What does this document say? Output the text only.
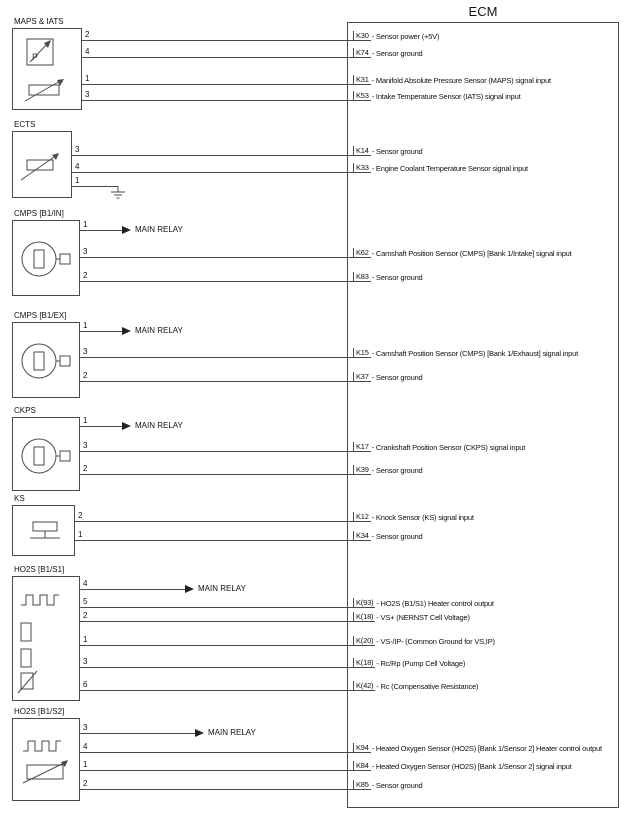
ECM
MAPS & IATS
P
2	K30 - Sensor power (+5V)
4	K74 - Sensor ground
1	K31 - Manifold Absolute Pressure Sensor (MAPS) signal input
3	K53 - Intake Temperature Sensor (IATS) signal input
ECTS
3	K14 - Sensor ground
4	K33 - Engine Coolant Temperature Sensor signal input
1
CMPS [B1/IN]
1
MAIN RELAY
3	K62 - Camshaft Position Sensor (CMPS) [Bank 1/Intake] signal input
2	K83 - Sensor ground
CMPS [B1/EX]
1
MAIN RELAY
3	K15 - Camshaft Position Sensor (CMPS) [Bank 1/Exhaust] signal input
2	K37 - Sensor ground
CKPS
1
MAIN RELAY
3	K17 - Crankshaft Position Sensor (CKPS) signal input
2	K39 - Sensor ground
KS
2	K12 - Knock Sensor (KS) signal input
1	K34 - Sensor ground
HO2S [B1/S1]
4
MAIN RELAY
5	K(93) - HO2S (B1/S1) Heater control output
2	K(18) - VS+ (NERNST Cell Voltage)
1	K(20) - VS-/IP- (Common Ground for VS,IP)
3	K(18) - Rc/Rp (Pump Cell Voltage)
6	K(42) - Rc (Compensative Resistance)
HO2S [B1/S2]
3
MAIN RELAY
4	K94 - Heated Oxygen Sensor (HO2S) [Bank 1/Sensor 2] Heater control output
1	K84 - Heated Oxygen Sensor (HO2S) [Bank 1/Sensor 2] signal input
2	K85 - Sensor ground
